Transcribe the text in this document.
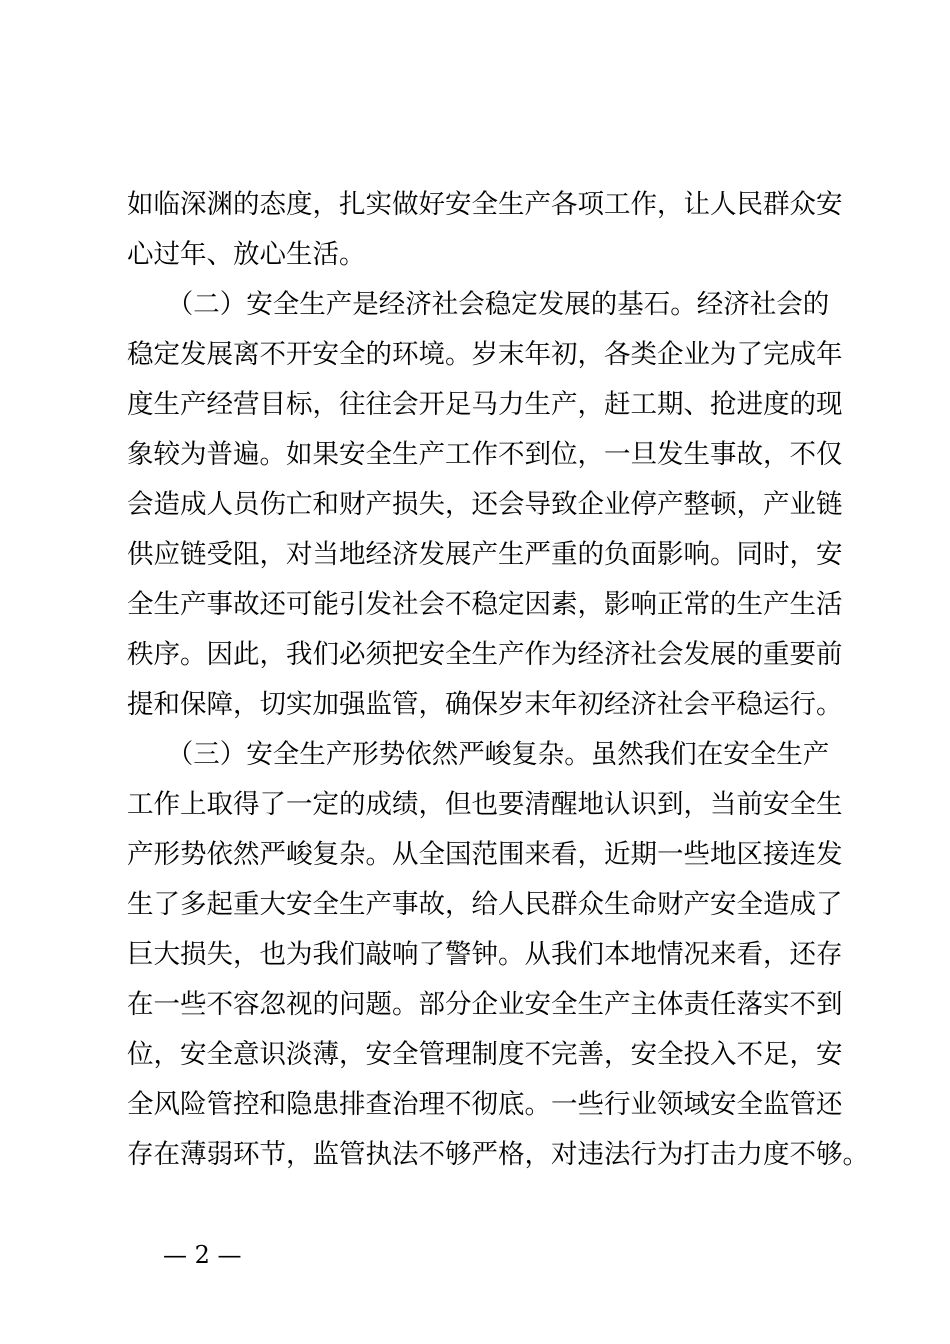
如临深渊的态度，扎实做好安全生产各项工作，让人民群众安
心过年、放心生活。
　　（二）安全生产是经济社会稳定发展的基石。经济社会的
稳定发展离不开安全的环境。岁末年初，各类企业为了完成年
度生产经营目标，往往会开足马力生产，赶工期、抢进度的现
象较为普遍。如果安全生产工作不到位，一旦发生事故，不仅
会造成人员伤亡和财产损失，还会导致企业停产整顿，产业链
供应链受阻，对当地经济发展产生严重的负面影响。同时，安
全生产事故还可能引发社会不稳定因素，影响正常的生产生活
秩序。因此，我们必须把安全生产作为经济社会发展的重要前
提和保障，切实加强监管，确保岁末年初经济社会平稳运行。
　　（三）安全生产形势依然严峻复杂。虽然我们在安全生产
工作上取得了一定的成绩，但也要清醒地认识到，当前安全生
产形势依然严峻复杂。从全国范围来看，近期一些地区接连发
生了多起重大安全生产事故，给人民群众生命财产安全造成了
巨大损失，也为我们敲响了警钟。从我们本地情况来看，还存
在一些不容忽视的问题。部分企业安全生产主体责任落实不到
位，安全意识淡薄，安全管理制度不完善，安全投入不足，安
全风险管控和隐患排查治理不彻底。一些行业领域安全监管还
存在薄弱环节，监管执法不够严格，对违法行为打击力度不够。
— 2 —
